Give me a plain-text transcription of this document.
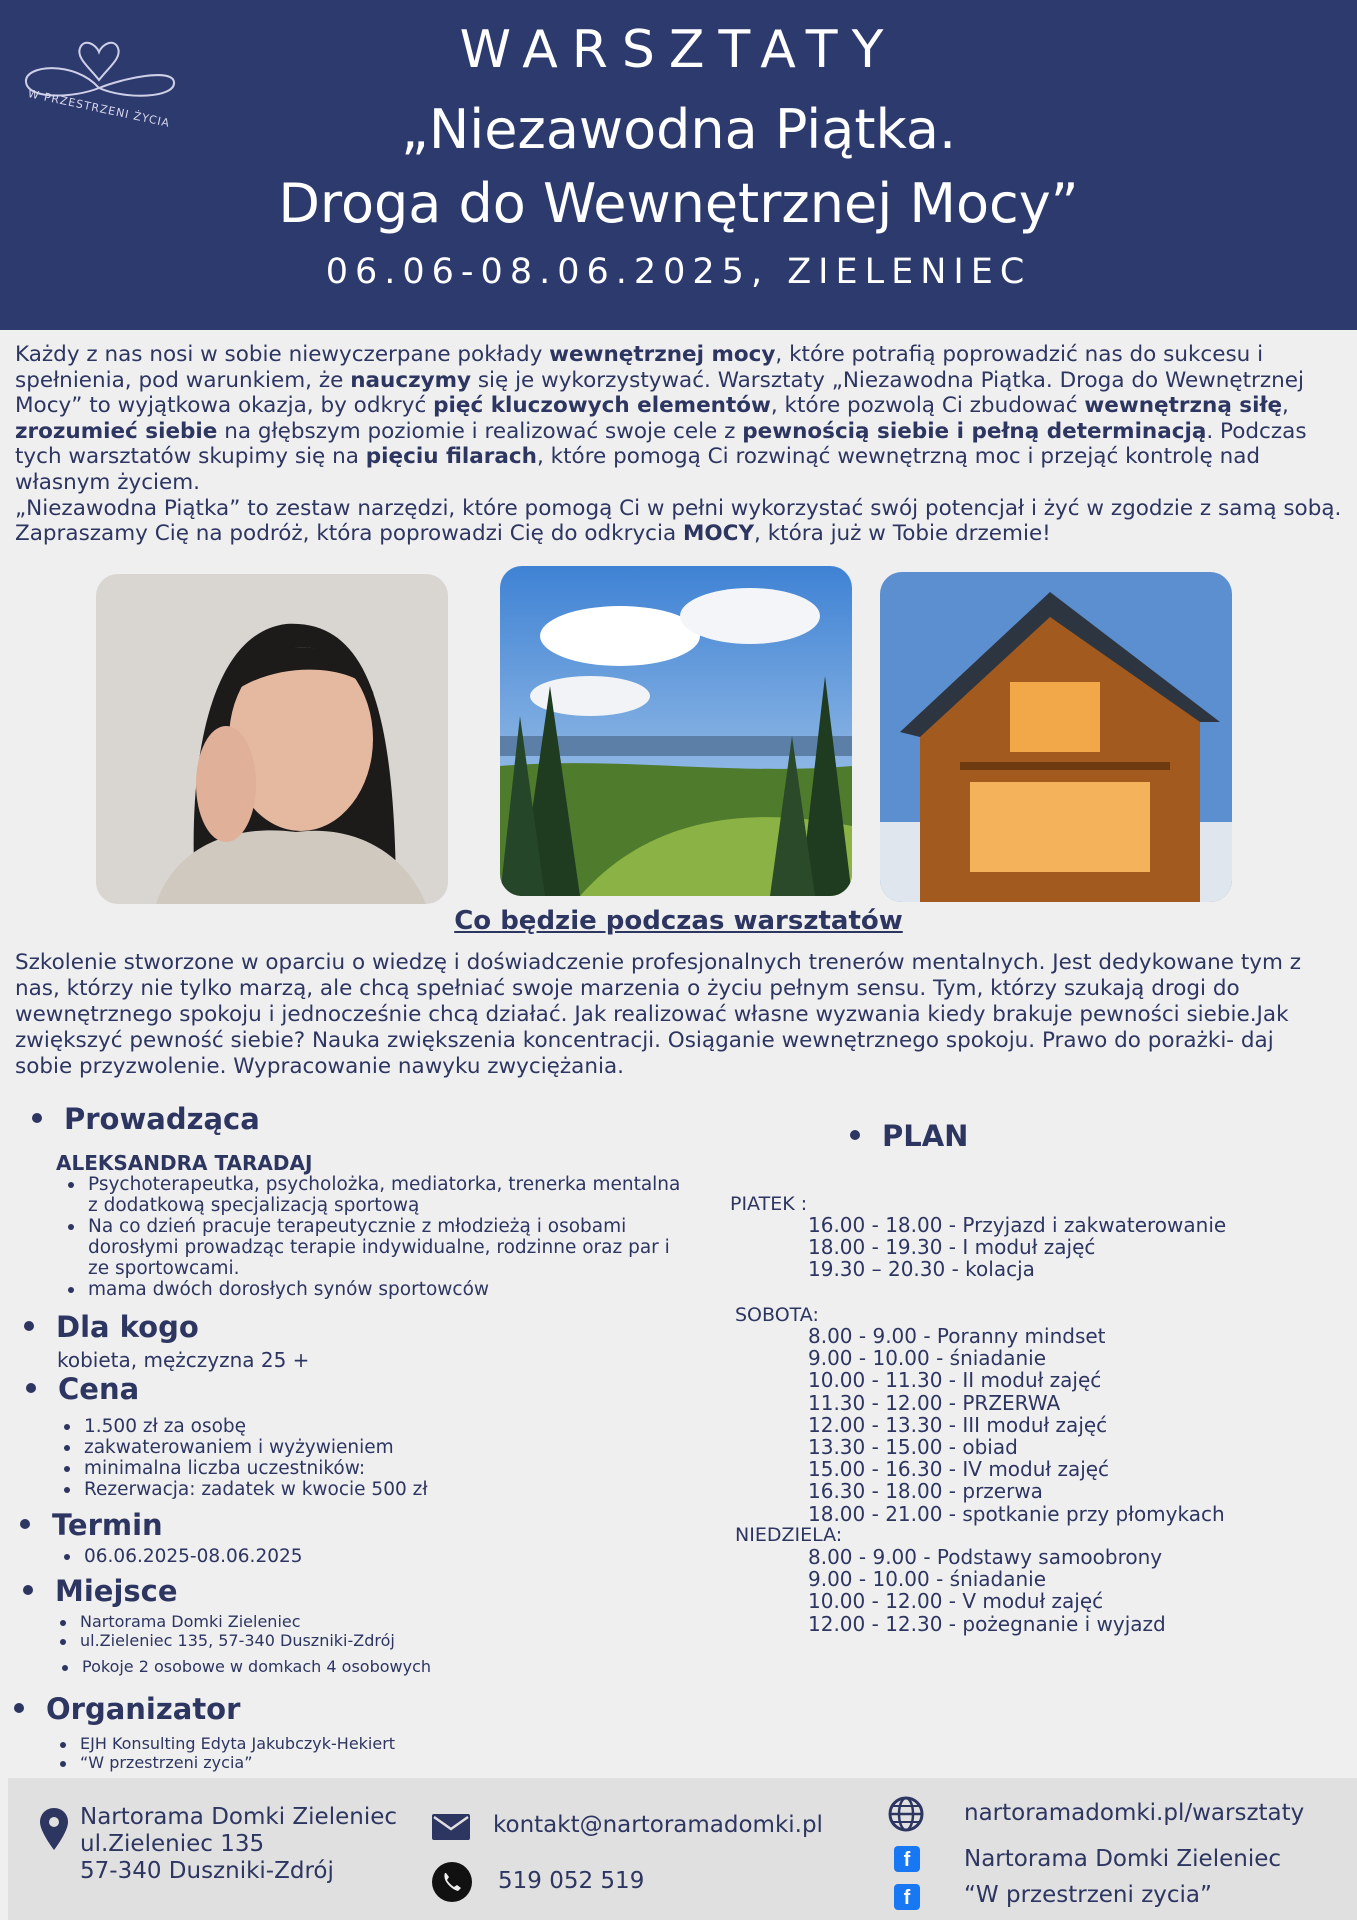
W PRZESTRZENI ŻYCIA
WARSZTATY
„Niezawodna Piątka.
Droga do Wewnętrznej Mocy”
06.06-08.06.2025, ZIELENIEC
Każdy z nas nosi w sobie niewyczerpane pokłady wewnętrznej mocy, które potrafią poprowadzić nas do sukcesu i spełnienia, pod warunkiem, że nauczymy się je wykorzystywać. Warsztaty „Niezawodna Piątka. Droga do Wewnętrznej Mocy” to wyjątkowa okazja, by odkryć pięć kluczowych elementów, które pozwolą Ci zbudować wewnętrzną siłę, zrozumieć siebie na głębszym poziomie i realizować swoje cele z pewnością siebie i pełną determinacją. Podczas tych warsztatów skupimy się na pięciu filarach, które pomogą Ci rozwinąć wewnętrzną moc i przejąć kontrolę nad własnym życiem.
„Niezawodna Piątka” to zestaw narzędzi, które pomogą Ci w pełni wykorzystać swój potencjał i żyć w zgodzie z samą sobą. Zapraszamy Cię na podróż, która poprowadzi Cię do odkrycia MOCY, która już w Tobie drzemie!
Co będzie podczas warsztatów
Szkolenie stworzone w oparciu o wiedzę i doświadczenie profesjonalnych trenerów mentalnych. Jest dedykowane tym z nas, którzy nie tylko marzą, ale chcą spełniać swoje marzenia o życiu pełnym sensu. Tym, którzy szukają drogi do wewnętrznego spokoju i jednocześnie chcą działać. Jak realizować własne wyzwania kiedy brakuje pewności siebie.Jak zwiększyć pewność siebie? Nauka zwiększenia koncentracji. Osiąganie wewnętrznego spokoju. Prawo do porażki- daj sobie przyzwolenie. Wypracowanie nawyku zwyciężania.
Prowadząca
ALEKSANDRA TARADAJ
Psychoterapeutka, psycholożka, mediatorka, trenerka mentalna z dodatkową specjalizacją sportową
Na co dzień pracuje terapeutycznie z młodzieżą i osobami dorosłymi prowadząc terapie indywidualne, rodzinne oraz par i ze sportowcami.
mama dwóch dorosłych synów sportowców
Dla kogo
kobieta, mężczyzna 25 +
Cena
1.500 zł za osobę
zakwaterowaniem i wyżywieniem
minimalna liczba uczestników:
Rezerwacja: zadatek w kwocie 500 zł
Termin
06.06.2025-08.06.2025
Miejsce
Nartorama Domki Zieleniec
ul.Zieleniec 135, 57-340 Duszniki-Zdrój
Pokoje 2 osobowe w domkach 4 osobowych
Organizator
EJH Konsulting Edyta Jakubczyk-Hekiert
“W przestrzeni zycia”
PLAN
PIATEK :
16.00 - 18.00 - Przyjazd i zakwaterowanie
18.00 - 19.30 - I moduł zajęć
19.30 – 20.30 - kolacja
SOBOTA:
8.00 - 9.00 - Poranny mindset
9.00 - 10.00 - śniadanie
10.00 - 11.30 - II moduł zajęć
11.30 - 12.00 - PRZERWA
12.00 - 13.30 - III moduł zajęć
13.30 - 15.00 - obiad
15.00 - 16.30 - IV moduł zajęć
16.30 - 18.00 - przerwa
18.00 - 21.00 - spotkanie przy płomykach
NIEDZIELA:
8.00 - 9.00 - Podstawy samoobrony
9.00 - 10.00 - śniadanie
10.00 - 12.00 - V moduł zajęć
12.00 - 12.30 - pożegnanie i wyjazd
Nartorama Domki Zieleniec
ul.Zieleniec 135
57-340 Duszniki-Zdrój
kontakt@nartoramadomki.pl
519 052 519
nartoramadomki.pl/warsztaty
f	Nartorama Domki Zieleniec
f	“W przestrzeni zycia”
